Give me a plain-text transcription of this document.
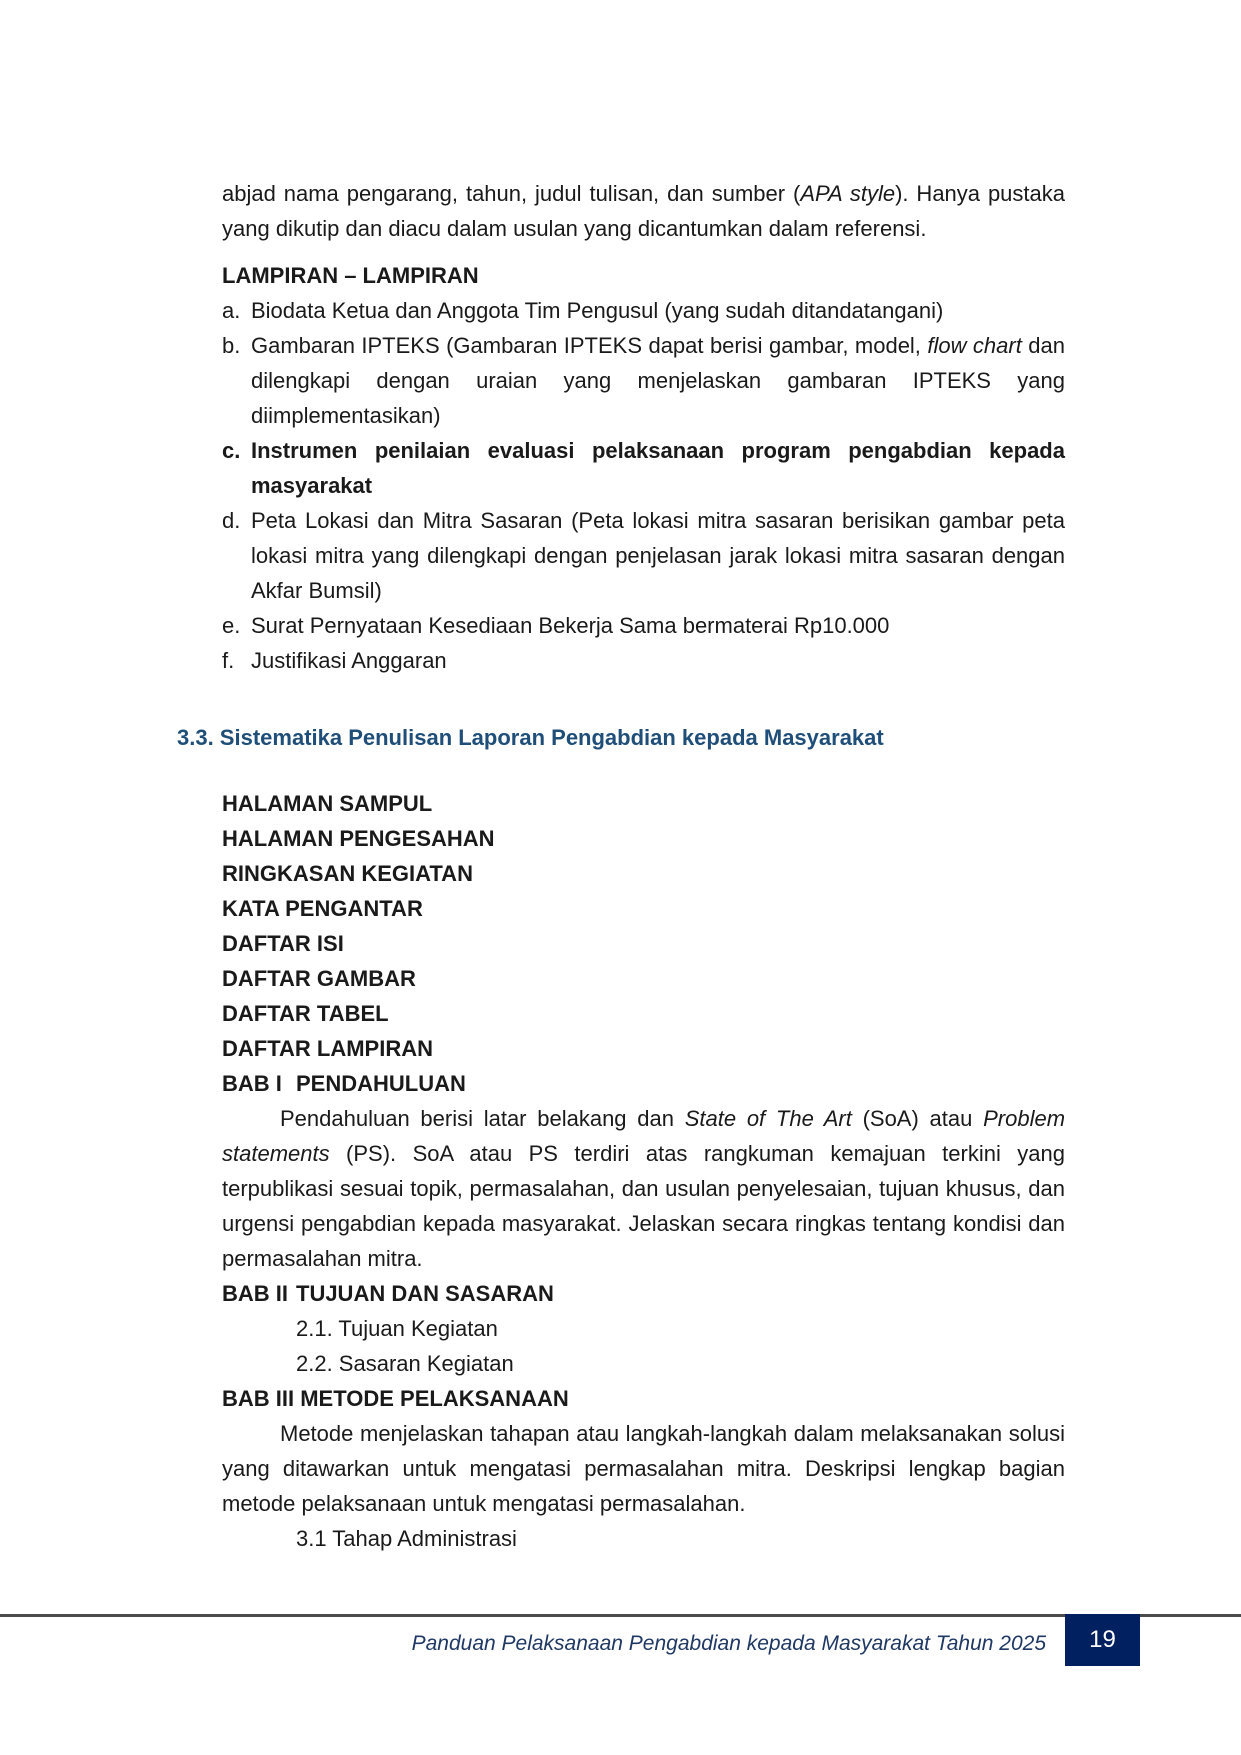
abjad nama pengarang, tahun, judul tulisan, dan sumber (APA style). Hanya pustaka yang dikutip dan diacu dalam usulan yang dicantumkan dalam referensi.

LAMPIRAN – LAMPIRAN
a. Biodata Ketua dan Anggota Tim Pengusul (yang sudah ditandatangani)
b. Gambaran IPTEKS (Gambaran IPTEKS dapat berisi gambar, model, flow chart dan dilengkapi dengan uraian yang menjelaskan gambaran IPTEKS yang diimplementasikan)
c. Instrumen penilaian evaluasi pelaksanaan program pengabdian kepada masyarakat
d. Peta Lokasi dan Mitra Sasaran (Peta lokasi mitra sasaran berisikan gambar peta lokasi mitra yang dilengkapi dengan penjelasan jarak lokasi mitra sasaran dengan Akfar Bumsil)
e. Surat Pernyataan Kesediaan Bekerja Sama bermaterai Rp10.000
f. Justifikasi Anggaran
3.3. Sistematika Penulisan Laporan Pengabdian kepada Masyarakat
HALAMAN SAMPUL
HALAMAN PENGESAHAN
RINGKASAN KEGIATAN
KATA PENGANTAR
DAFTAR ISI
DAFTAR GAMBAR
DAFTAR TABEL
DAFTAR LAMPIRAN
BAB I PENDAHULUAN

Pendahuluan berisi latar belakang dan State of The Art (SoA) atau Problem statements (PS). SoA atau PS terdiri atas rangkuman kemajuan terkini yang terpublikasi sesuai topik, permasalahan, dan usulan penyelesaian, tujuan khusus, dan urgensi pengabdian kepada masyarakat. Jelaskan secara ringkas tentang kondisi dan permasalahan mitra.

BAB II TUJUAN DAN SASARAN
2.1. Tujuan Kegiatan
2.2. Sasaran Kegiatan
BAB III METODE PELAKSANAAN

Metode menjelaskan tahapan atau langkah-langkah dalam melaksanakan solusi yang ditawarkan untuk mengatasi permasalahan mitra. Deskripsi lengkap bagian metode pelaksanaan untuk mengatasi permasalahan.

3.1 Tahap Administrasi
Panduan Pelaksanaan Pengabdian kepada Masyarakat Tahun 2025	19
